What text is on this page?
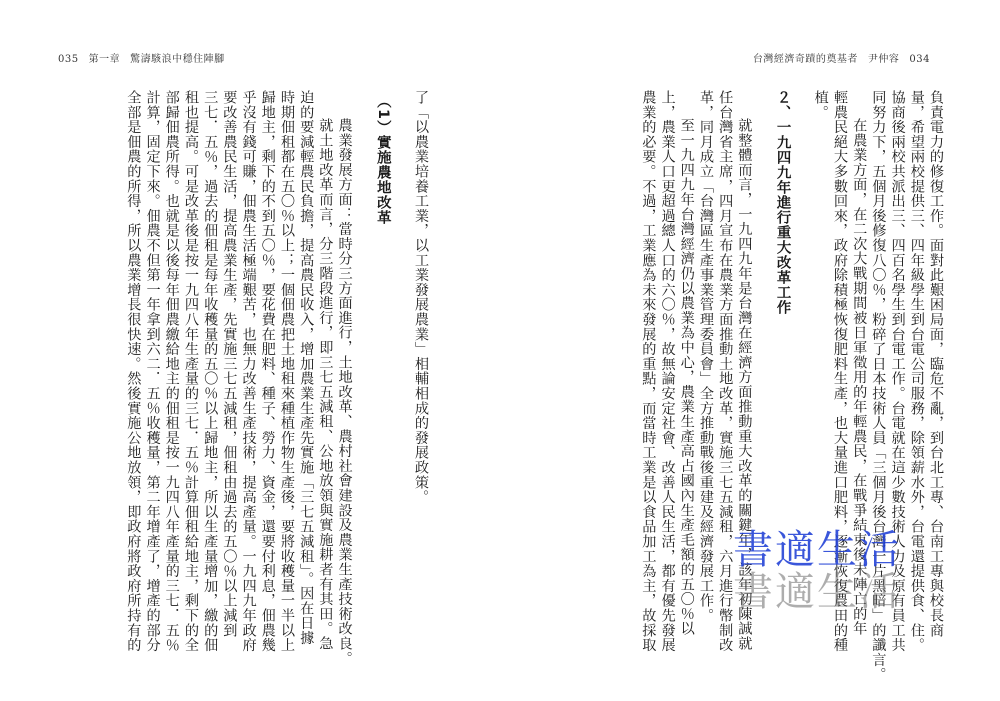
035 第一章 驚濤駭浪中穩住陣腳	台灣經濟奇蹟的奠基者 尹仲容 034

負責電力的修復工作。面對此艱困局面，臨危不亂，到台北工專、台南工專與校長商

量，希望兩校提供三、四年級學生到台電公司服務，除領薪水外，台電還提供食、住。

協商後兩校共派出三、四百名學生到台電工作。台電就在這少數技術人力及原有員工共

同努力下，五個月後修復八〇％，粉碎了日本技術人員「三個月後台灣一片黑暗」的讖言。

在農業方面，在二次大戰期間被日軍徵用的年輕農民，在戰爭結束後未陣亡的年

輕農民絕大多數回來，政府除積極恢復肥料生產，也大量進口肥料，逐漸恢復農田的種

植。

２、一九四九年進行重大改革工作

就整體而言，一九四九年是台灣在經濟方面推動重大改革的關鍵年，該年初陳誠就

任台灣省主席，四月宣布在農業方面推動土地改革，實施三七五減租，六月進行幣制改

革，同月成立「台灣區生產事業管理委員會」全方推動戰後重建及經濟發展工作。

至一九四九年台灣經濟仍以農業為中心，農業生產高占國內生產毛額的五〇％以

上，農業人口更超過總人口的六〇％，故無論安定社會、改善人民生活，都有優先發展

農業的必要。不過，工業應為未來發展的重點，而當時工業是以食品加工為主，故採取

了「以農業培養工業，以工業發展農業」相輔相成的發展政策。

（1）實施農地改革

農業發展方面：當時分三方面進行，土地改革、農村社會建設及農業生產技術改良。

就土地改革而言，分三階段進行，即三七五減租、公地放領與實施耕者有其田。急

迫的要減輕農民負擔，提高農民收入，增加農業生產先實施「三七五減租」。因在日據

時期佃租都在五〇％以上；一個佃農把土地租來種植作物生產後，要將收穫量一半以上

歸地主，剩下的不到五〇％，要花費在肥料、種子、勞力、資金，還要付利息，佃農幾

乎沒有錢可賺，佃農生活極端艱苦，也無力改善生產技術，提高產量。一九四九年政府

要改善農民生活，提高農業生產，先實施三七五減租，佃租由過去的五〇％以上減到

三七．五％，過去的佃租是每年收穫量的五〇％以上歸地主，所以生產量增加，繳的佃

租也提高。可是改革後是按一九四八年生產量的三七．五％計算佃租給地主，剩下的全

部歸佃農所得。也就是以後每年佃農繳給地主的佃租是按一九四八年產量的三七．五％

計算，固定下來。佃農不但第一年拿到六二．五％收穫量，第二年增產了，增產的部分

全部是佃農的所得，所以農業增長很快速。然後實施公地放領，即政府將政府所持有的	書適生活
書適生活
